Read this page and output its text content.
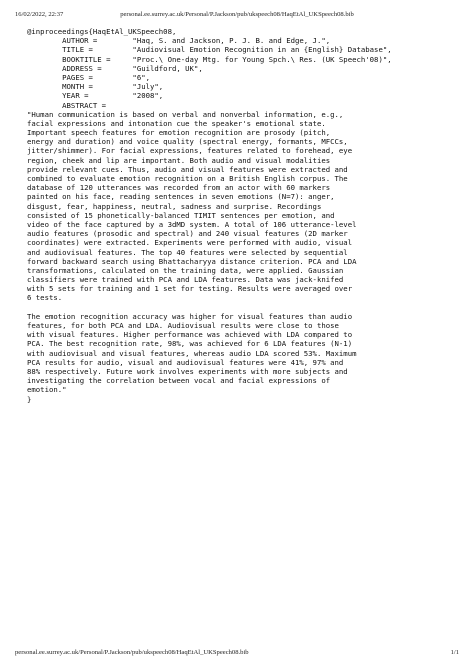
16/02/2022, 22:37	personal.ee.surrey.ac.uk/Personal/P.Jackson/pub/ukspeech08/HaqEtAl_UKSpeech08.bib
@inproceedings{HaqEtAl_UKSpeech08,
AUTHOR =        "Haq, S. and Jackson, P. J. B. and Edge, J.",
TITLE =         "Audiovisual Emotion Recognition in an {English} Database",
BOOKTITLE =     "Proc.\ One-day Mtg. for Young Spch.\ Res. (UK Speech'08)",
ADDRESS =       "Guildford, UK",
PAGES =         "6",
MONTH =         "July",
YEAR =          "2008",
ABSTRACT =
"Human communication is based on verbal and nonverbal information, e.g.,
facial expressions and intonation cue the speaker's emotional state.
Important speech features for emotion recognition are prosody (pitch,
energy and duration) and voice quality (spectral energy, formants, MFCCs,
jitter/shimmer). For facial expressions, features related to forehead, eye
region, cheek and lip are important. Both audio and visual modalities
provide relevant cues. Thus, audio and visual features were extracted and
combined to evaluate emotion recognition on a British English corpus. The
database of 120 utterances was recorded from an actor with 60 markers
painted on his face, reading sentences in seven emotions (N=7): anger,
disgust, fear, happiness, neutral, sadness and surprise. Recordings
consisted of 15 phonetically-balanced TIMIT sentences per emotion, and
video of the face captured by a 3dMD system. A total of 106 utterance-level
audio features (prosodic and spectral) and 240 visual features (2D marker
coordinates) were extracted. Experiments were performed with audio, visual
and audiovisual features. The top 40 features were selected by sequential
forward backward search using Bhattacharyya distance criterion. PCA and LDA
transformations, calculated on the training data, were applied. Gaussian
classifiers were trained with PCA and LDA features. Data was jack-knifed
with 5 sets for training and 1 set for testing. Results were averaged over
6 tests.
The emotion recognition accuracy was higher for visual features than audio
features, for both PCA and LDA. Audiovisual results were close to those
with visual features. Higher performance was achieved with LDA compared to
PCA. The best recognition rate, 98%, was achieved for 6 LDA features (N-1)
with audiovisual and visual features, whereas audio LDA scored 53%. Maximum
PCA results for audio, visual and audiovisual features were 41%, 97% and
88% respectively. Future work involves experiments with more subjects and
investigating the correlation between vocal and facial expressions of
emotion."
}
personal.ee.surrey.ac.uk/Personal/P.Jackson/pub/ukspeech08/HaqEtAl_UKSpeech08.bib	1/1
